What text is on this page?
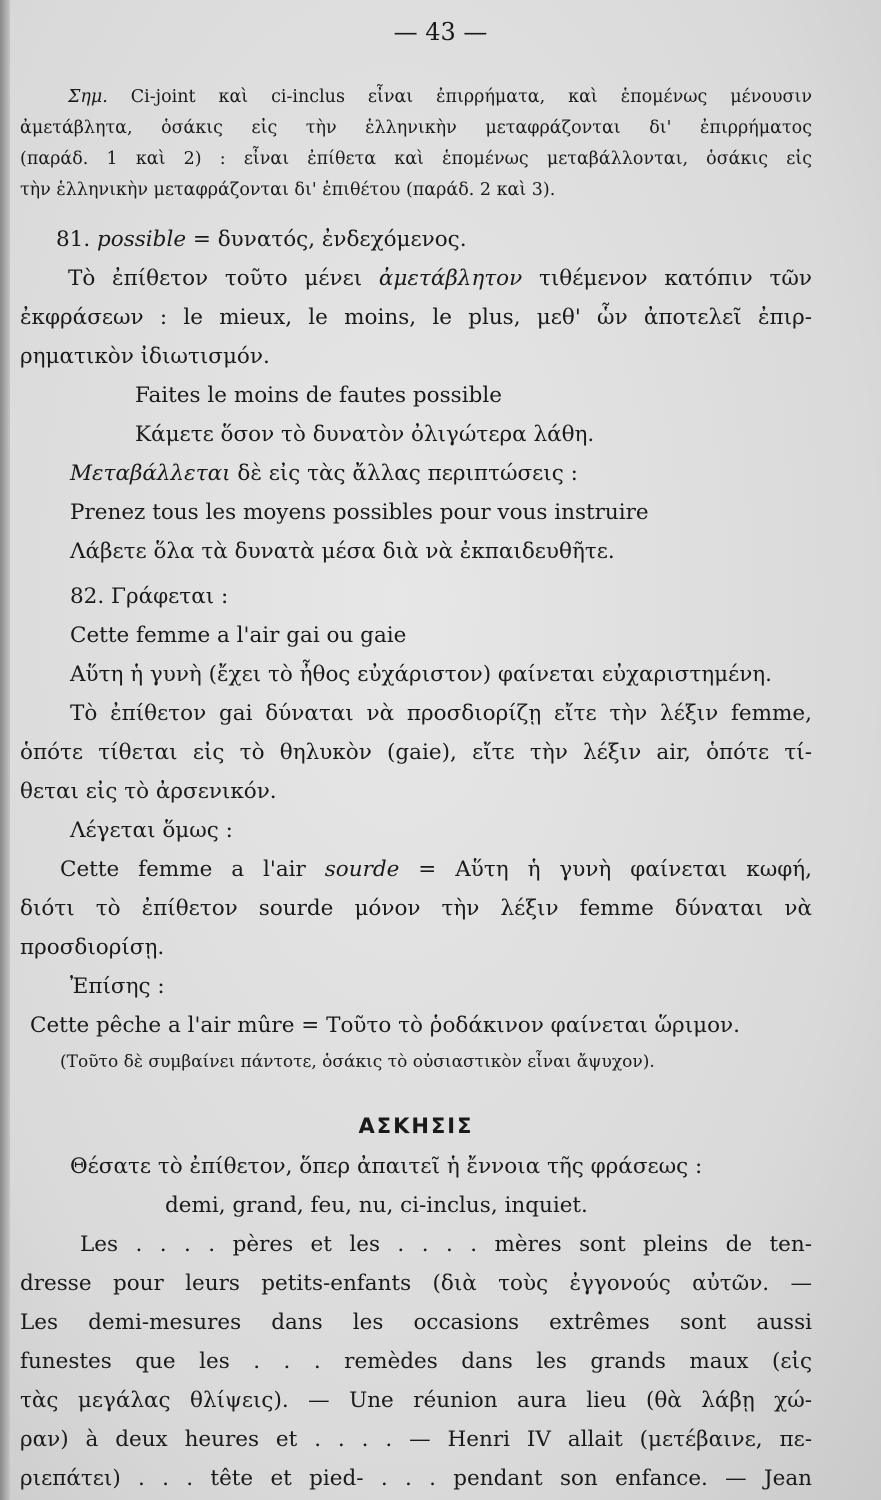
— 43 —
Σημ. Ci-joint καὶ ci-inclus εἶναι ἐπιρρήματα, καὶ ἑπομένως μένουσιν
ἀμετάβλητα, ὁσάκις εἰς τὴν ἑλληνικὴν μεταφράζονται δι' ἐπιρρήματος
(παράδ. 1 καὶ 2) : εἶναι ἐπίθετα καὶ ἑπομένως μεταβάλλονται, ὁσάκις εἰς
τὴν ἑλληνικὴν μεταφράζονται δι' ἐπιθέτου (παράδ. 2 καὶ 3).
81. possible = δυνατός, ἐνδεχόμενος.
Τὸ ἐπίθετον τοῦτο μένει ἀμετάβλητον τιθέμενον κατόπιν τῶν
ἐκφράσεων : le mieux, le moins, le plus, μεθ' ὧν ἀποτελεῖ ἐπιρ-
ρηματικὸν ἰδιωτισμόν.
Faites le moins de fautes possible
Κάμετε ὅσον τὸ δυνατὸν ὀλιγώτερα λάθη.
Μεταβάλλεται δὲ εἰς τὰς ἄλλας περιπτώσεις :
Prenez tous les moyens possibles pour vous instruire
Λάβετε ὅλα τὰ δυνατὰ μέσα διὰ νὰ ἐκπαιδευθῆτε.
82. Γράφεται :
Cette femme a l'air gai ou gaie
Αὕτη ἡ γυνὴ (ἔχει τὸ ἦθος εὐχάριστον) φαίνεται εὐχαριστημένη.
Τὸ ἐπίθετον gai δύναται νὰ προσδιορίζῃ εἴτε τὴν λέξιν femme,
ὁπότε τίθεται εἰς τὸ θηλυκὸν (gaie), εἴτε τὴν λέξιν air, ὁπότε τί-
θεται εἰς τὸ ἀρσενικόν.
Λέγεται ὅμως :
Cette femme a l'air sourde = Αὕτη ἡ γυνὴ φαίνεται κωφή,
διότι τὸ ἐπίθετον sourde μόνον τὴν λέξιν femme δύναται νὰ
προσδιορίσῃ.
Ἐπίσης :
Cette pêche a l'air mûre = Τοῦτο τὸ ῥοδάκινον φαίνεται ὥριμον.
(Τοῦτο δὲ συμβαίνει πάντοτε, ὁσάκις τὸ οὐσιαστικὸν εἶναι ἄψυχον).
ΑΣΚΗΣΙΣ
Θέσατε τὸ ἐπίθετον, ὅπερ ἀπαιτεῖ ἡ ἔννοια τῆς φράσεως :
demi, grand, feu, nu, ci-inclus, inquiet.
Les . . . . pères et les . . . . mères sont pleins de ten-
dresse pour leurs petits-enfants (διὰ τοὺς ἐγγονούς αὐτῶν. —
Les demi-mesures dans les occasions extrêmes sont aussi
funestes que les . . . remèdes dans les grands maux (εἰς
τὰς μεγάλας θλίψεις). — Une réunion aura lieu (θὰ λάβῃ χώ-
ραν) à deux heures et . . . . — Henri IV allait (μετέβαινε, πε-
ριεπάτει) . . . tête et pied- . . . pendant son enfance. — Jean
